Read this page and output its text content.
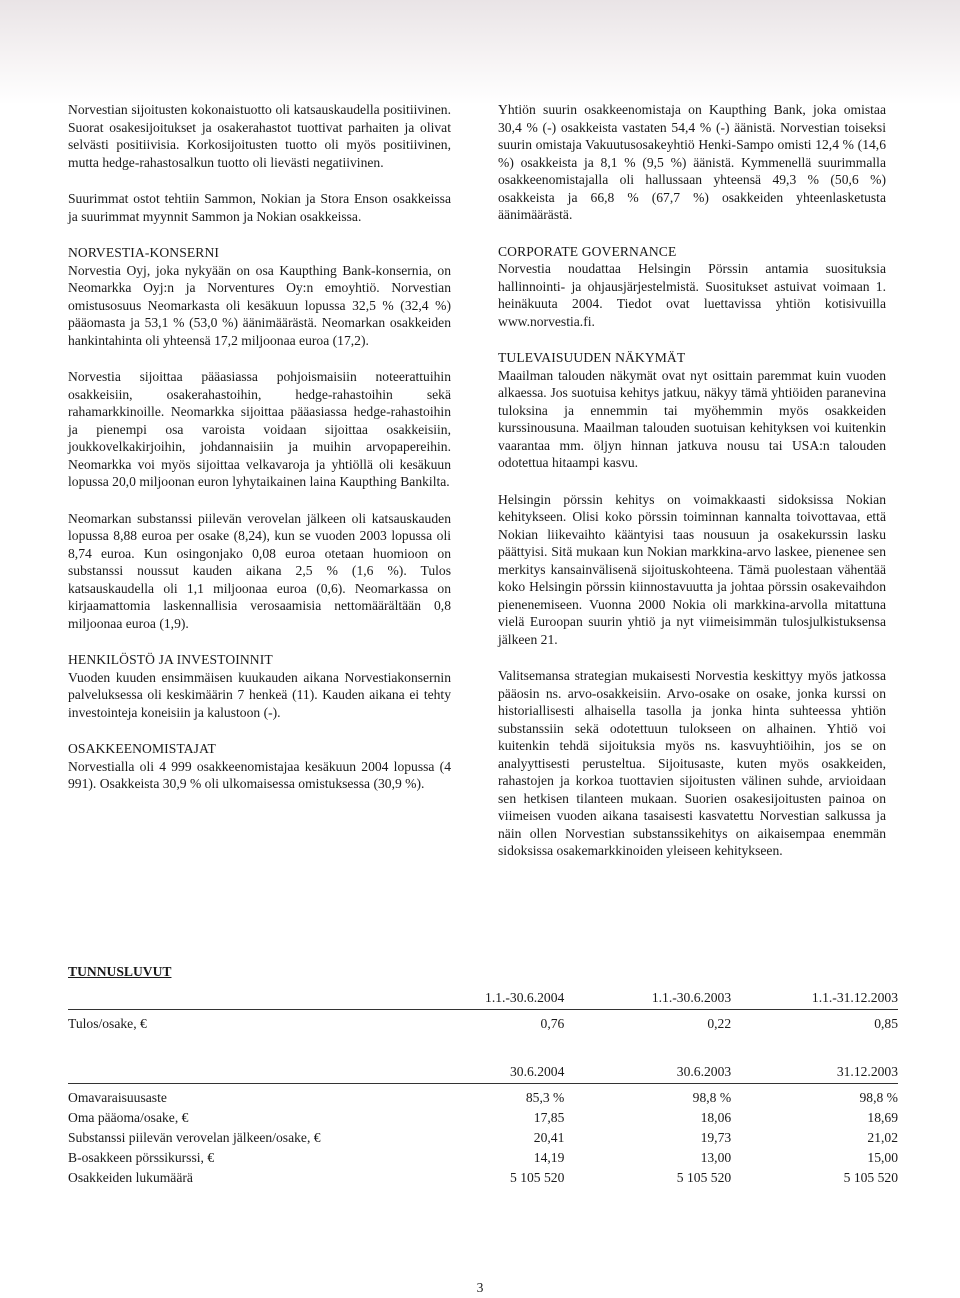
Norvestian sijoitusten kokonaistuotto oli katsauskaudella positiivinen. Suorat osakesijoitukset ja osakerahastot tuottivat parhaiten ja olivat selvästi positiivisia. Korkosijoitusten tuotto oli myös positiivinen, mutta hedge-rahastosalkun tuotto oli lievästi negatiivinen.

Suurimmat ostot tehtiin Sammon, Nokian ja Stora Enson osakkeissa ja suurimmat myynnit Sammon ja Nokian osakkeissa.

NORVESTIA-KONSERNI

Norvestia Oyj, joka nykyään on osa Kaupthing Bank-konsernia, on Neomarkka Oyj:n ja Norventures Oy:n emoyhtiö. Norvestian omistusosuus Neomarkasta oli kesäkuun lopussa 32,5 % (32,4 %) pääomasta ja 53,1 % (53,0 %) äänimäärästä. Neomarkan osakkeiden hankintahinta oli yhteensä 17,2 miljoonaa euroa (17,2).

Norvestia sijoittaa pääasiassa pohjoismaisiin noteerattuihin osakkeisiin, osakerahastoihin, hedge-rahastoihin sekä rahamarkkinoille. Neomarkka sijoittaa pääasiassa hedge-rahastoihin ja pienempi osa varoista voidaan sijoittaa osakkeisiin, joukkovelkakirjoihin, johdannaisiin ja muihin arvopapereihin. Neomarkka voi myös sijoittaa velkavaroja ja yhtiöllä oli kesäkuun lopussa 20,0 miljoonan euron lyhytaikainen laina Kaupthing Bankilta.

Neomarkan substanssi piilevän verovelan jälkeen oli katsauskauden lopussa 8,88 euroa per osake (8,24), kun se vuoden 2003 lopussa oli 8,74 euroa. Kun osingonjako 0,08 euroa otetaan huomioon on substanssi noussut kauden aikana 2,5 % (1,6 %). Tulos katsauskaudella oli 1,1 miljoonaa euroa (0,6). Neomarkassa on kirjaamattomia laskennallisia verosaamisia nettomäärältään 0,8 miljoonaa euroa (1,9).

HENKILÖSTÖ JA INVESTOINNIT

Vuoden kuuden ensimmäisen kuukauden aikana Norvestiakonsernin palveluksessa oli keskimäärin 7 henkeä (11). Kauden aikana ei tehty investointeja koneisiin ja kalustoon (-).

OSAKKEENOMISTAJAT

Norvestialla oli 4 999 osakkeenomistajaa kesäkuun 2004 lopussa (4 991). Osakkeista 30,9 % oli ulkomaisessa omistuksessa (30,9 %).

Yhtiön suurin osakkeenomistaja on Kaupthing Bank, joka omistaa 30,4 % (-) osakkeista vastaten 54,4 % (-) äänistä. Norvestian toiseksi suurin omistaja Vakuutusosakeyhtiö Henki-Sampo omisti 12,4 % (14,6 %) osakkeista ja 8,1 % (9,5 %) äänistä. Kymmenellä suurimmalla osakkeenomistajalla oli hallussaan yhteensä 49,3 % (50,6 %) osakkeista ja 66,8 % (67,7 %) osakkeiden yhteenlasketusta äänimäärästä.

CORPORATE GOVERNANCE

Norvestia noudattaa Helsingin Pörssin antamia suosituksia hallinnointi- ja ohjausjärjestelmistä. Suositukset astuivat voimaan 1. heinäkuuta 2004. Tiedot ovat luettavissa yhtiön kotisivuilla www.norvestia.fi.

TULEVAISUUDEN NÄKYMÄT

Maailman talouden näkymät ovat nyt osittain paremmat kuin vuoden alkaessa. Jos suotuisa kehitys jatkuu, näkyy tämä yhtiöiden paranevina tuloksina ja ennemmin tai myöhemmin myös osakkeiden kurssinousuna. Maailman talouden suotuisan kehityksen voi kuitenkin vaarantaa mm. öljyn hinnan jatkuva nousu tai USA:n talouden odotettua hitaampi kasvu.

Helsingin pörssin kehitys on voimakkaasti sidoksissa Nokian kehitykseen. Olisi koko pörssin toiminnan kannalta toivottavaa, että Nokian liikevaihto kääntyisi taas nousuun ja osakekurssin lasku päättyisi. Sitä mukaan kun Nokian markkina-arvo laskee, pienenee sen merkitys kansainvälisenä sijoituskohteena. Tämä puolestaan vähentää koko Helsingin pörssin kiinnostavuutta ja johtaa pörssin osakevaihdon pienenemiseen. Vuonna 2000 Nokia oli markkina-arvolla mitattuna vielä Euroopan suurin yhtiö ja nyt viimeisimmän tulosjulkistuksensa jälkeen 21.

Valitsemansa strategian mukaisesti Norvestia keskittyy myös jatkossa pääosin ns. arvo-osakkeisiin. Arvo-osake on osake, jonka kurssi on historiallisesti alhaisella tasolla ja jonka hinta suhteessa yhtiön substanssiin sekä odotettuun tulokseen on alhainen. Yhtiö voi kuitenkin tehdä sijoituksia myös ns. kasvuyhtiöihin, jos se on analyyttisesti perusteltua. Sijoitusaste, kuten myös osakkeiden, rahastojen ja korkoa tuottavien sijoitusten välinen suhde, arvioidaan sen hetkisen tilanteen mukaan. Suorien osakesijoitusten painoa on viimeisen vuoden aikana tasaisesti kasvatettu Norvestian salkussa ja näin ollen Norvestian substanssikehitys on aikaisempaa enemmän sidoksissa osakemarkkinoiden yleiseen kehitykseen.

TUNNUSLUVUT
	1.1.-30.6.2004	1.1.-30.6.2003	1.1.-31.12.2003
Tulos/osake, €	0,76	0,22	0,85
	30.6.2004	30.6.2003	31.12.2003
Omavaraisuusaste	85,3 %	98,8 %	98,8 %
Oma pääoma/osake, €	17,85	18,06	18,69
Substanssi piilevän verovelan jälkeen/osake, €	20,41	19,73	21,02
B-osakkeen pörssikurssi, €	14,19	13,00	15,00
Osakkeiden lukumäärä	5 105 520	5 105 520	5 105 520
3
